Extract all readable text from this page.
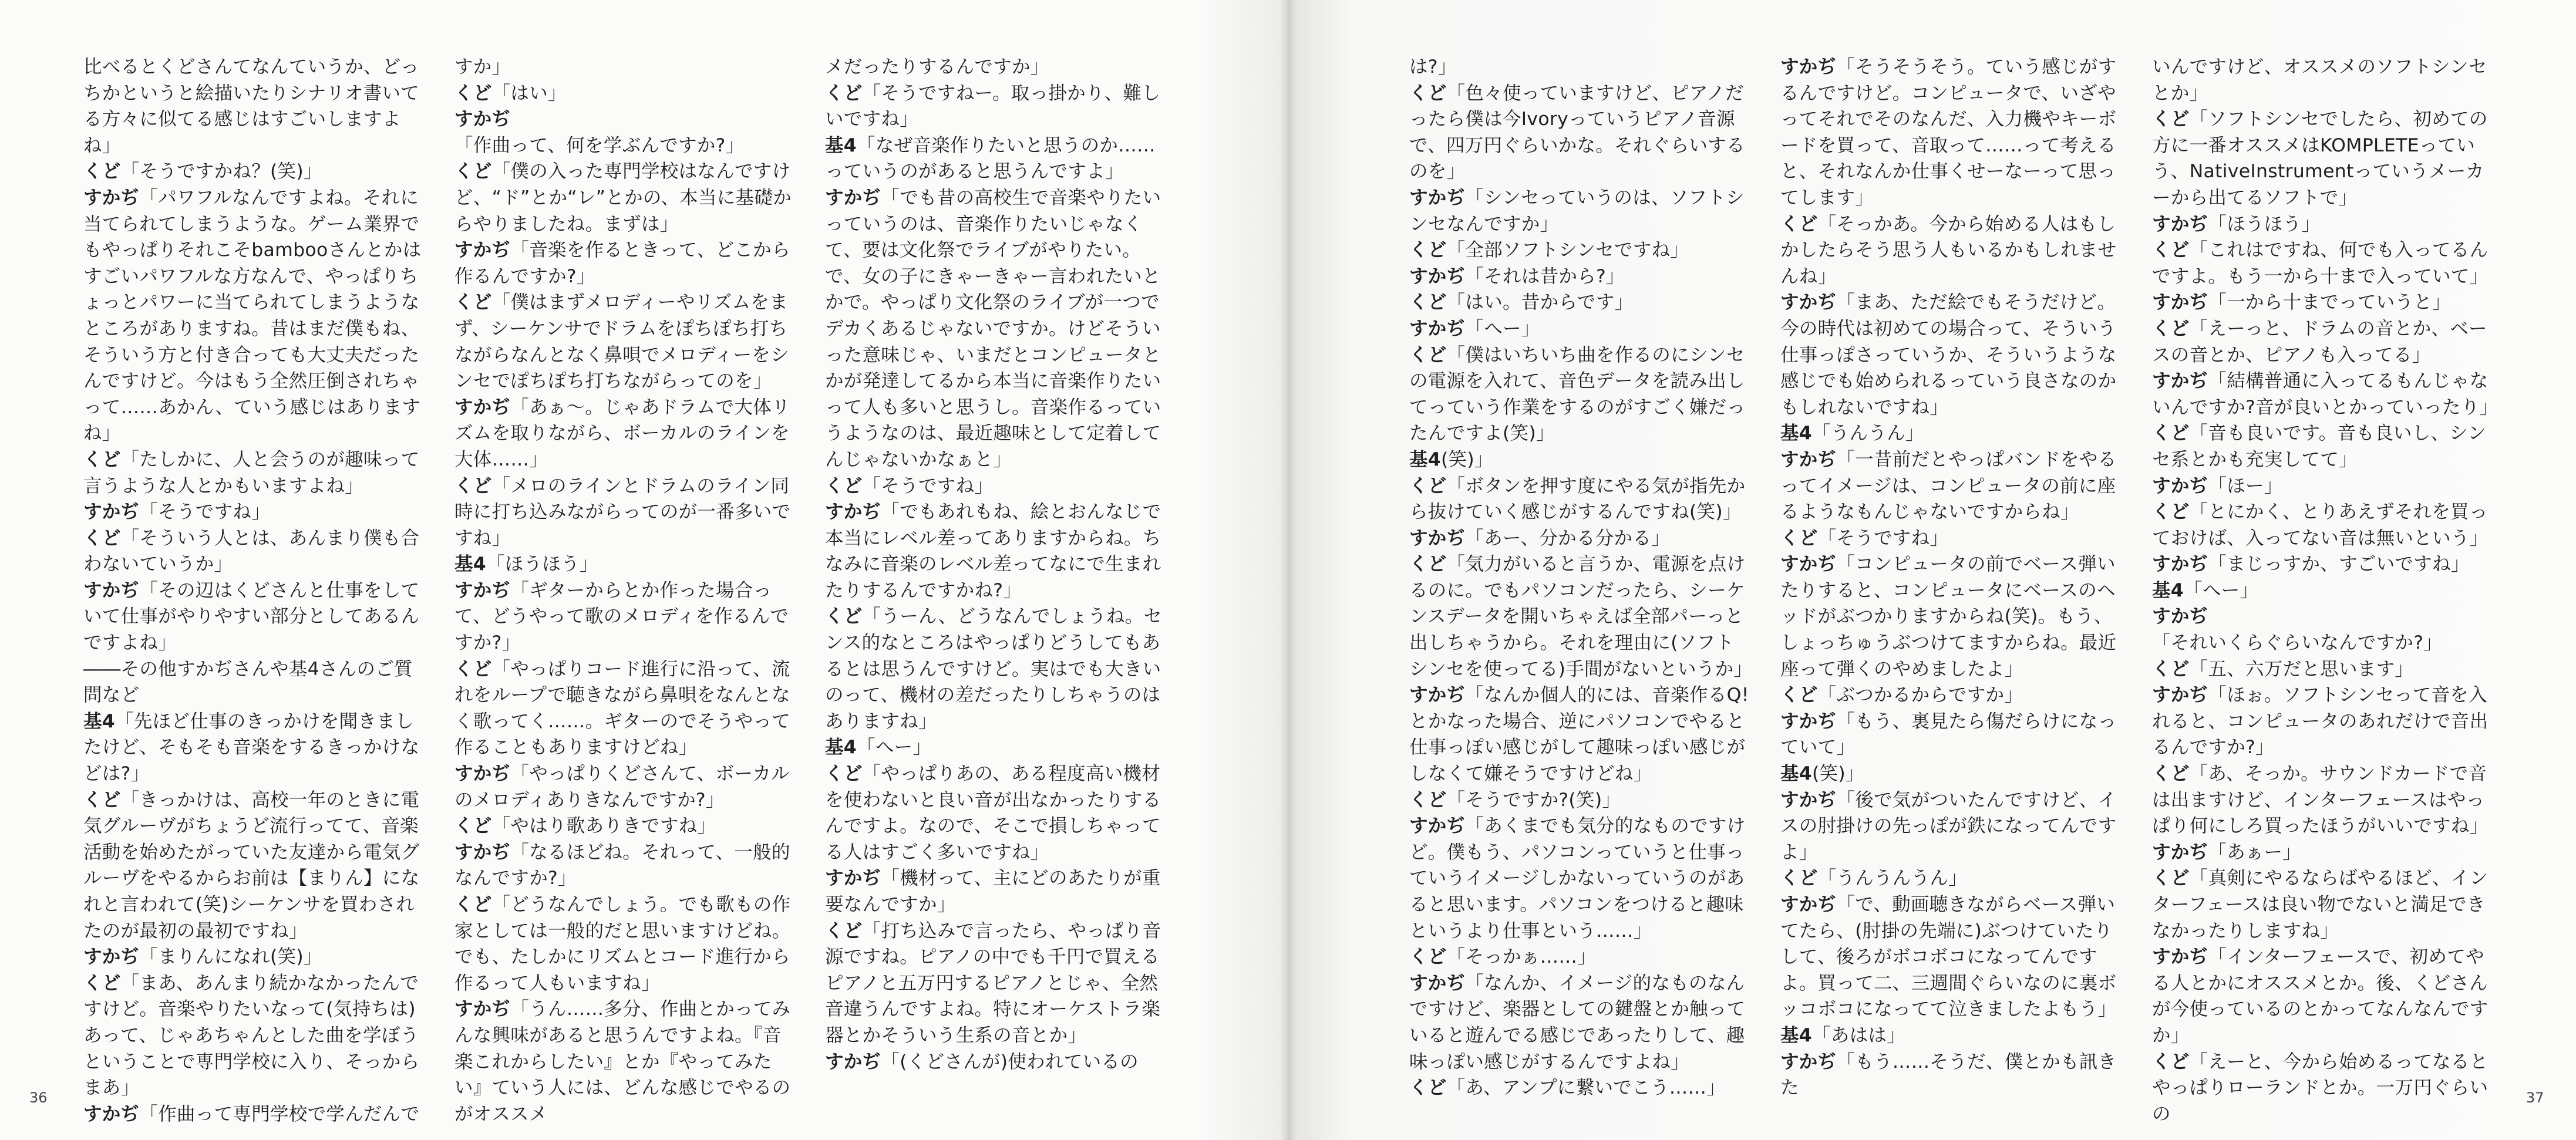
比べるとくどさんてなんていうか、どっちかというと絵描いたりシナリオ書いてる方々に似てる感じはすごいしますよね」
くど「そうですかね？(笑)」
すかぢ「パワフルなんですよね。それに当てられてしまうような。ゲーム業界でもやっぱりそれこそbambooさんとかはすごいパワフルな方なんで、やっぱりちょっとパワーに当てられてしまうようなところがありますね。昔はまだ僕もね、そういう方と付き合っても大丈夫だったんですけど。今はもう全然圧倒されちゃって……あかん、ていう感じはありますね」
くど「たしかに、人と会うのが趣味って言うような人とかもいますよね」
すかぢ「そうですね」
くど「そういう人とは、あんまり僕も合わないていうか」
すかぢ「その辺はくどさんと仕事をしていて仕事がやりやすい部分としてあるんですよね」
――その他すかぢさんや基4さんのご質問など
基4「先ほど仕事のきっかけを聞きましたけど、そもそも音楽をするきっかけなどは?」
くど「きっかけは、高校一年のときに電気グルーヴがちょうど流行ってて、音楽活動を始めたがっていた友達から電気グルーヴをやるからお前は【まりん】になれと言われて(笑)シーケンサを買わされたのが最初の最初ですね」
すかぢ「まりんになれ(笑)」
くど「まあ、あんまり続かなかったんですけど。音楽やりたいなって(気持ちは)あって、じゃあちゃんとした曲を学ぼうということで専門学校に入り、そっからまあ」
すかぢ「作曲って専門学校で学んだんで
すか」
くど「はい」
すかぢ「作曲って、何を学ぶんですか?」
くど「僕の入った専門学校はなんですけど、“ド”とか“レ”とかの、本当に基礎からやりましたね。まずは」
すかぢ「音楽を作るときって、どこから作るんですか?」
くど「僕はまずメロディーやリズムをまず、シーケンサでドラムをぽちぽち打ちながらなんとなく鼻唄でメロディーをシンセでぽちぽち打ちながらってのを」
すかぢ「あぁ～。じゃあドラムで大体リズムを取りながら、ボーカルのラインを大体……」
くど「メロのラインとドラムのライン同時に打ち込みながらってのが一番多いですね」
基4「ほうほう」
すかぢ「ギターからとか作った場合って、どうやって歌のメロディを作るんですか?」
くど「やっぱりコード進行に沿って、流れをループで聴きながら鼻唄をなんとなく歌ってく……。ギターのでそうやって作ることもありますけどね」
すかぢ「やっぱりくどさんて、ボーカルのメロディありきなんですか?」
くど「やはり歌ありきですね」
すかぢ「なるほどね。それって、一般的なんですか?」
くど「どうなんでしょう。でも歌もの作家としては一般的だと思いますけどね。でも、たしかにリズムとコード進行から作るって人もいますね」
すかぢ「うん……多分、作曲とかってみんな興味があると思うんですよね。『音楽これからしたい』とか『やってみたい』ていう人には、どんな感じでやるのがオススメ
メだったりするんですか」
くど「そうですねー。取っ掛かり、難しいですね」
基4「なぜ音楽作りたいと思うのか……っていうのがあると思うんですよ」
すかぢ「でも昔の高校生で音楽やりたいっていうのは、音楽作りたいじゃなくて、要は文化祭でライブがやりたい。で、女の子にきゃーきゃー言われたいとかで。やっぱり文化祭のライブが一つでデカくあるじゃないですか。けどそういった意味じゃ、いまだとコンピュータとかが発達してるから本当に音楽作りたいって人も多いと思うし。音楽作るっていうようなのは、最近趣味として定着してんじゃないかなぁと」
くど「そうですね」
すかぢ「でもあれもね、絵とおんなじで本当にレベル差ってありますからね。ちなみに音楽のレベル差ってなにで生まれたりするんですかね?」
くど「うーん、どうなんでしょうね。センス的なところはやっぱりどうしてもあるとは思うんですけど。実はでも大きいのって、機材の差だったりしちゃうのはありますね」
基4「へー」
くど「やっぱりあの、ある程度高い機材を使わないと良い音が出なかったりするんですよ。なので、そこで損しちゃってる人はすごく多いですね」
すかぢ「機材って、主にどのあたりが重要なんですか」
くど「打ち込みで言ったら、やっぱり音源ですね。ピアノの中でも千円で買えるピアノと五万円するピアノとじゃ、全然音違うんですよね。特にオーケストラ楽器とかそういう生系の音とか」
すかぢ「(くどさんが)使われているの
は?」
くど「色々使っていますけど、ピアノだったら僕は今Ivoryっていうピアノ音源で、四万円ぐらいかな。それぐらいするのを」
すかぢ「シンセっていうのは、ソフトシンセなんですか」
くど「全部ソフトシンセですね」
すかぢ「それは昔から?」
くど「はい。昔からです」
すかぢ「へー」
くど「僕はいちいち曲を作るのにシンセの電源を入れて、音色データを読み出してっていう作業をするのがすごく嫌だったんですよ(笑)」
基4(笑)」
くど「ボタンを押す度にやる気が指先から抜けていく感じがするんですね(笑)」
すかぢ「あー、分かる分かる」
くど「気力がいると言うか、電源を点けるのに。でもパソコンだったら、シーケンスデータを開いちゃえば全部パーっと出しちゃうから。それを理由に(ソフトシンセを使ってる)手間がないというか」
すかぢ「なんか個人的には、音楽作るQ!とかなった場合、逆にパソコンでやると仕事っぽい感じがして趣味っぽい感じがしなくて嫌そうですけどね」
くど「そうですか?(笑)」
すかぢ「あくまでも気分的なものですけど。僕もう、パソコンっていうと仕事っていうイメージしかないっていうのがあると思います。パソコンをつけると趣味というより仕事という……」
くど「そっかぁ……」
すかぢ「なんか、イメージ的なものなんですけど、楽器としての鍵盤とか触っていると遊んでる感じであったりして、趣味っぽい感じがするんですよね」
くど「あ、アンプに繋いでこう……」
すかぢ「そうそうそう。ていう感じがするんですけど。コンピュータで、いざやってそれでそのなんだ、入力機やキーボードを買って、音取って……って考えると、それなんか仕事くせーなーって思ってします」
くど「そっかあ。今から始める人はもしかしたらそう思う人もいるかもしれませんね」
すかぢ「まあ、ただ絵でもそうだけど。今の時代は初めての場合って、そういう仕事っぽさっていうか、そういうような感じでも始められるっていう良さなのかもしれないですね」
基4「うんうん」
すかぢ「一昔前だとやっぱバンドをやるってイメージは、コンピュータの前に座るようなもんじゃないですからね」
くど「そうですね」
すかぢ「コンピュータの前でベース弾いたりすると、コンピュータにベースのヘッドがぶつかりますからね(笑)。もう、しょっちゅうぶつけてますからね。最近座って弾くのやめましたよ」
くど「ぶつかるからですか」
すかぢ「もう、裏見たら傷だらけになっていて」
基4(笑)」
すかぢ「後で気がついたんですけど、イスの肘掛けの先っぽが鉄になってんですよ」
くど「うんうんうん」
すかぢ「で、動画聴きながらベース弾いてたら、(肘掛の先端に)ぶつけていたりして、後ろがボコボコになってんですよ。買って二、三週間ぐらいなのに裏ボッコボコになってて泣きましたよもう」
基4「あはは」
すかぢ「もう……そうだ、僕とかも訊きた
いんですけど、オススメのソフトシンセとか」
くど「ソフトシンセでしたら、初めての方に一番オススメはKOMPLETEっていう、NativeInstrumentっていうメーカーから出てるソフトで」
すかぢ「ほうほう」
くど「これはですね、何でも入ってるんですよ。もう一から十まで入っていて」
すかぢ「一から十までっていうと」
くど「えーっと、ドラムの音とか、ベースの音とか、ピアノも入ってる」
すかぢ「結構普通に入ってるもんじゃないんですか?音が良いとかっていったり」
くど「音も良いです。音も良いし、シンセ系とかも充実してて」
すかぢ「ほー」
くど「とにかく、とりあえずそれを買っておけば、入ってない音は無いという」
すかぢ「まじっすか、すごいですね」
基4「へー」
すかぢ「それいくらぐらいなんですか?」
くど「五、六万だと思います」
すかぢ「ほぉ。ソフトシンセって音を入れると、コンピュータのあれだけで音出るんですか?」
くど「あ、そっか。サウンドカードで音は出ますけど、インターフェースはやっぱり何にしろ買ったほうがいいですね」
すかぢ「あぁー」
くど「真剣にやるならばやるほど、インターフェースは良い物でないと満足できなかったりしますね」
すかぢ「インターフェースで、初めてやる人とかにオススメとか。後、くどさんが今使っているのとかってなんなんですか」
くど「えーと、今から始めるってなるとやっぱりローランドとか。一万円ぐらいの
36	37
